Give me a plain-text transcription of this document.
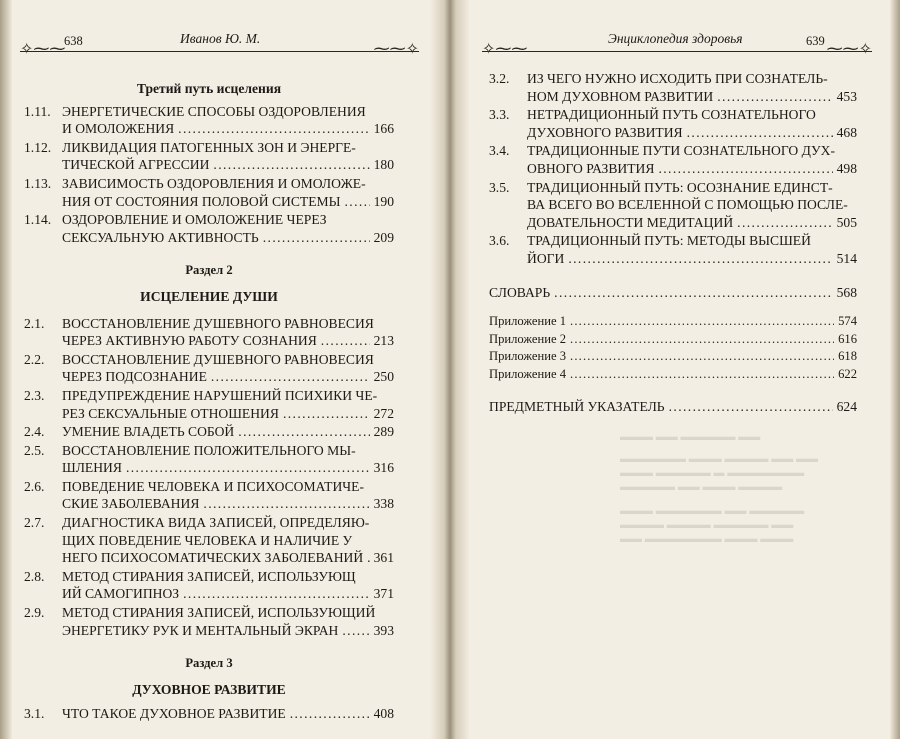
▬▬▬ ▬▬ ▬▬▬▬▬ ▬▬
▬▬▬▬▬▬ ▬▬▬ ▬▬▬▬ ▬▬ ▬▬
▬▬▬ ▬▬▬▬▬ ▬ ▬▬▬▬▬▬▬
▬▬▬▬▬ ▬▬ ▬▬▬ ▬▬▬▬
▬▬▬ ▬▬▬▬▬▬ ▬▬ ▬▬▬▬▬
▬▬▬▬ ▬▬▬▬ ▬▬▬▬▬ ▬▬
▬▬ ▬▬▬▬▬▬▬ ▬▬▬ ▬▬▬
✧⁓⁓
638	Иванов Ю. М.
⁓⁓✧	✧⁓⁓
Энциклопедия здоровья	639 ⁓⁓✧
Третий путь исцеления
1.11. ЭНЕРГЕТИЧЕСКИЕ СПОСОБЫ ОЗДОРОВЛЕНИЯ
И ОМОЛОЖЕНИЯ . . .	166
1.12. ЛИКВИДАЦИЯ ПАТОГЕННЫХ ЗОН И ЭНЕРГЕ-
ТИЧЕСКОЙ АГРЕССИИ . . .	180
1.13. ЗАВИСИМОСТЬ ОЗДОРОВЛЕНИЯ И ОМОЛОЖЕ-
НИЯ ОТ СОСТОЯНИЯ ПОЛОВОЙ СИСТЕМЫ . . . 190
1.14. ОЗДОРОВЛЕНИЕ И ОМОЛОЖЕНИЕ ЧЕРЕЗ
СЕКСУАЛЬНУЮ АКТИВНОСТЬ . . .	209
Раздел 2
ИСЦЕЛЕНИЕ ДУШИ
2.1. ВОССТАНОВЛЕНИЕ ДУШЕВНОГО РАВНОВЕСИЯ
ЧЕРЕЗ АКТИВНУЮ РАБОТУ СОЗНАНИЯ . . .	213
2.2. ВОССТАНОВЛЕНИЕ ДУШЕВНОГО РАВНОВЕСИЯ
ЧЕРЕЗ ПОДСОЗНАНИЕ . . .	250
2.3. ПРЕДУПРЕЖДЕНИЕ НАРУШЕНИЙ ПСИХИКИ ЧЕ-
РЕЗ СЕКСУАЛЬНЫЕ ОТНОШЕНИЯ . . .	272
2.4. УМЕНИЕ ВЛАДЕТЬ СОБОЙ . . .	289
2.5. ВОССТАНОВЛЕНИЕ ПОЛОЖИТЕЛЬНОГО МЫ-
ШЛЕНИЯ . . .	316
2.6. ПОВЕДЕНИЕ ЧЕЛОВЕКА И ПСИХОСОМАТИЧЕ-
СКИЕ ЗАБОЛЕВАНИЯ . . .	338
2.7. ДИАГНОСТИКА ВИДА ЗАПИСЕЙ, ОПРЕДЕЛЯЮ-
ЩИХ ПОВЕДЕНИЕ ЧЕЛОВЕКА И НАЛИЧИЕ У
НЕГО ПСИХОСОМАТИЧЕСКИХ ЗАБОЛЕВАНИЙ . . . 361
2.8. МЕТОД СТИРАНИЯ ЗАПИСЕЙ, ИСПОЛЬЗУЮЩ
ИЙ САМОГИПНОЗ . . .	371
2.9. МЕТОД СТИРАНИЯ ЗАПИСЕЙ, ИСПОЛЬЗУЮЩИЙ
ЭНЕРГЕТИКУ РУК И МЕНТАЛЬНЫЙ ЭКРАН . . .	393
Раздел 3
ДУХОВНОЕ РАЗВИТИЕ
3.1. ЧТО ТАКОЕ ДУХОВНОЕ РАЗВИТИЕ . . .	408
3.2. ИЗ ЧЕГО НУЖНО ИСХОДИТЬ ПРИ СОЗНАТЕЛЬ-
НОМ ДУХОВНОМ РАЗВИТИИ . . .	453
3.3. НЕТРАДИЦИОННЫЙ ПУТЬ СОЗНАТЕЛЬНОГО
ДУХОВНОГО РАЗВИТИЯ . . .	468
3.4. ТРАДИЦИОННЫЕ ПУТИ СОЗНАТЕЛЬНОГО ДУХ-
ОВНОГО РАЗВИТИЯ . . .	498
3.5. ТРАДИЦИОННЫЙ ПУТЬ: ОСОЗНАНИЕ ЕДИНСТ-
ВА ВСЕГО ВО ВСЕЛЕННОЙ С ПОМОЩЬЮ ПОСЛЕ-
ДОВАТЕЛЬНОСТИ МЕДИТАЦИЙ . . .	505
3.6. ТРАДИЦИОННЫЙ ПУТЬ: МЕТОДЫ ВЫСШЕЙ
ЙОГИ . . .	514
СЛОВАРЬ . . .	568
Приложение 1 . . .	574
Приложение 2 . . .	616
Приложение 3 . . .	618
Приложение 4 . . .	622
ПРЕДМЕТНЫЙ УКАЗАТЕЛЬ . . .	624
